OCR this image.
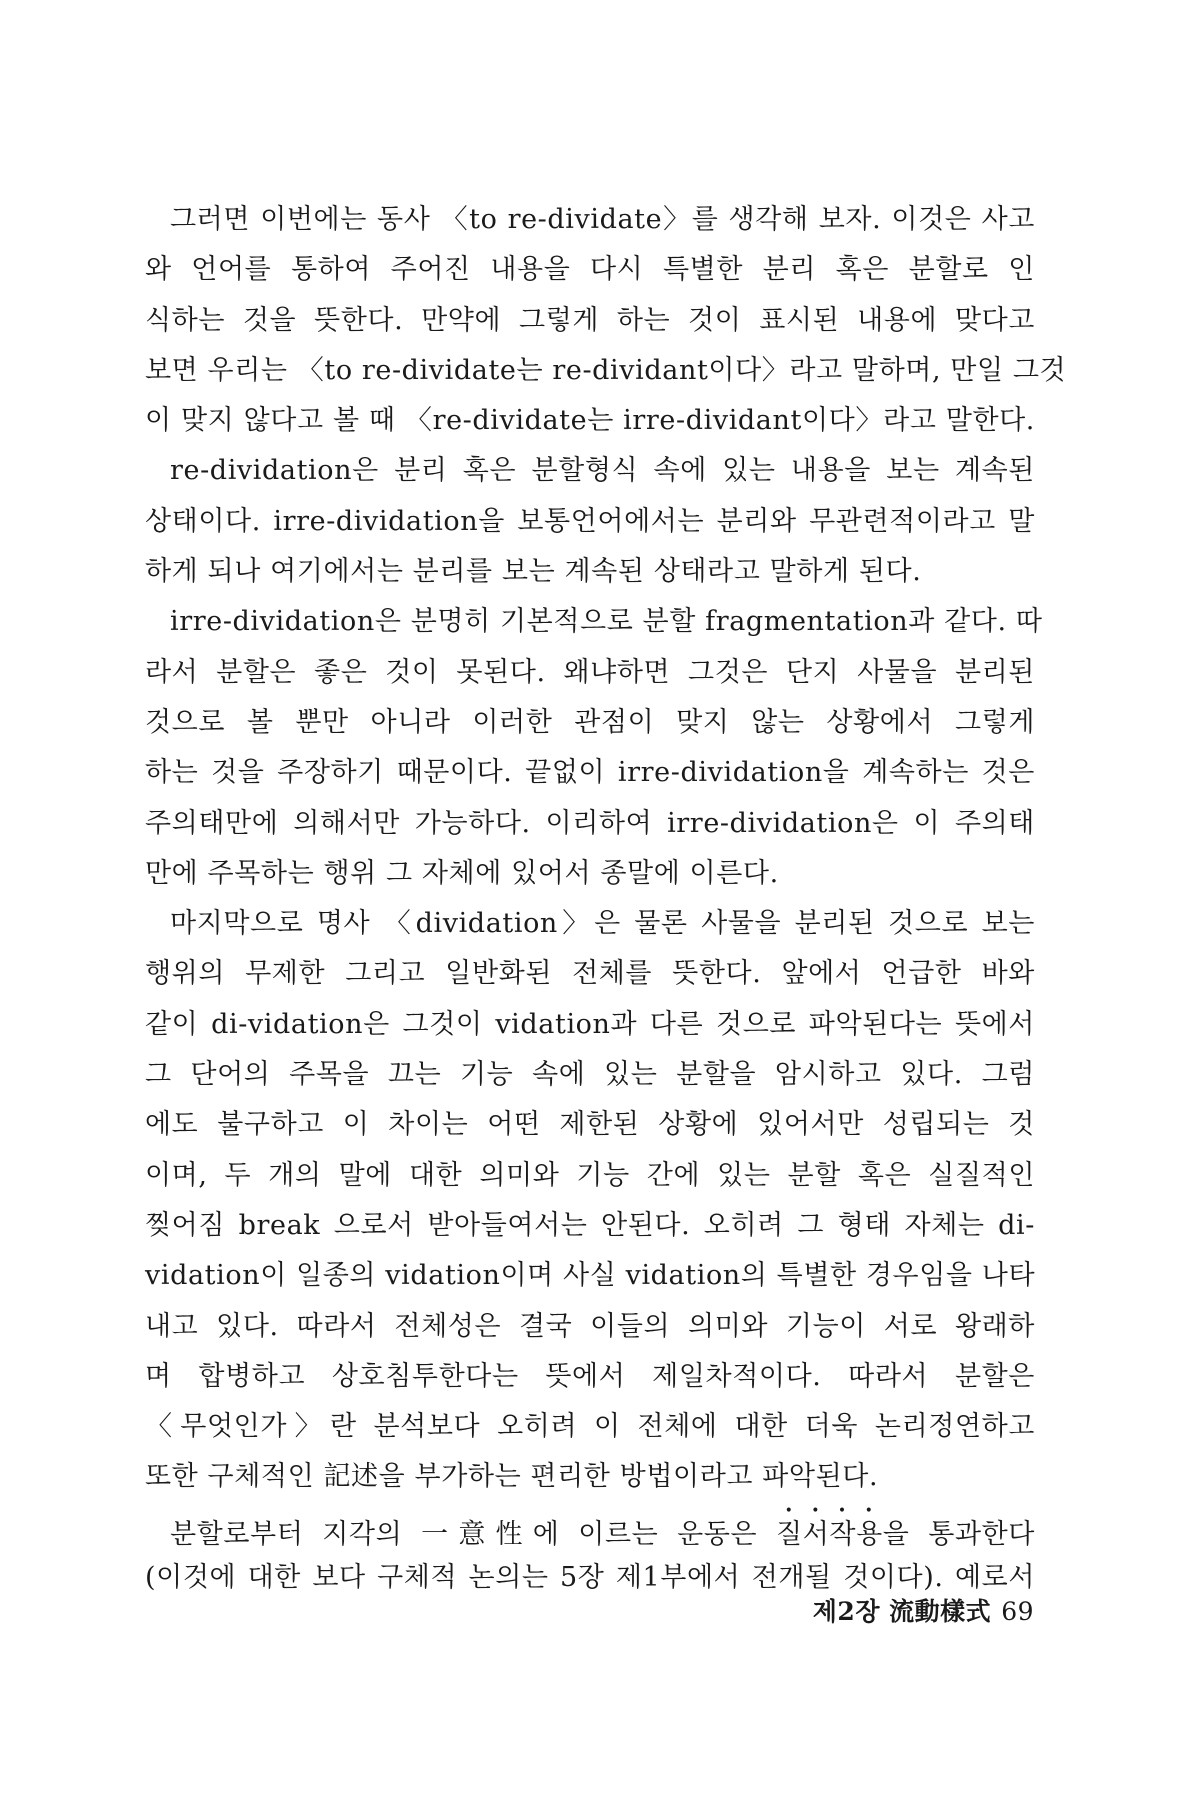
그러면 이번에는 동사 〈to re-dividate〉를 생각해 보자. 이것은 사고
와 언어를 통하여 주어진 내용을 다시 특별한 분리 혹은 분할로 인
식하는 것을 뜻한다. 만약에 그렇게 하는 것이 표시된 내용에 맞다고
보면 우리는 〈to re-dividate는 re-dividant이다〉라고 말하며, 만일 그것
이 맞지 않다고 볼 때 〈re-dividate는 irre-dividant이다〉라고 말한다.
re-dividation은 분리 혹은 분할형식 속에 있는 내용을 보는 계속된
상태이다. irre-dividation을 보통언어에서는 분리와 무관련적이라고 말
하게 되나 여기에서는 분리를 보는 계속된 상태라고 말하게 된다.
irre-dividation은 분명히 기본적으로 분할 fragmentation과 같다. 따
라서 분할은 좋은 것이 못된다. 왜냐하면 그것은 단지 사물을 분리된
것으로 볼 뿐만 아니라 이러한 관점이 맞지 않는 상황에서 그렇게
하는 것을 주장하기 때문이다. 끝없이 irre-dividation을 계속하는 것은
주의태만에 의해서만 가능하다. 이리하여 irre-dividation은 이 주의태
만에 주목하는 행위 그 자체에 있어서 종말에 이른다.
마지막으로 명사 〈dividation〉은 물론 사물을 분리된 것으로 보는
행위의 무제한 그리고 일반화된 전체를 뜻한다. 앞에서 언급한 바와
같이 di-vidation은 그것이 vidation과 다른 것으로 파악된다는 뜻에서
그 단어의 주목을 끄는 기능 속에 있는 분할을 암시하고 있다. 그럼
에도 불구하고 이 차이는 어떤 제한된 상황에 있어서만 성립되는 것
이며, 두 개의 말에 대한 의미와 기능 간에 있는 분할 혹은 실질적인
찢어짐 break 으로서 받아들여서는 안된다. 오히려 그 형태 자체는 di-
vidation이 일종의 vidation이며 사실 vidation의 특별한 경우임을 나타
내고 있다. 따라서 전체성은 결국 이들의 의미와 기능이 서로 왕래하
며 합병하고 상호침투한다는 뜻에서 제일차적이다. 따라서 분할은
〈무엇인가〉란 분석보다 오히려 이 전체에 대한 더욱 논리정연하고
또한 구체적인 記述을 부가하는 편리한 방법이라고 파악된다.
분할로부터 지각의 一意性에 이르는 운동은 질서작용을 통과한다
(이것에 대한 보다 구체적 논의는 5장 제1부에서 전개될 것이다). 예로서
제2장 流動樣式 69
